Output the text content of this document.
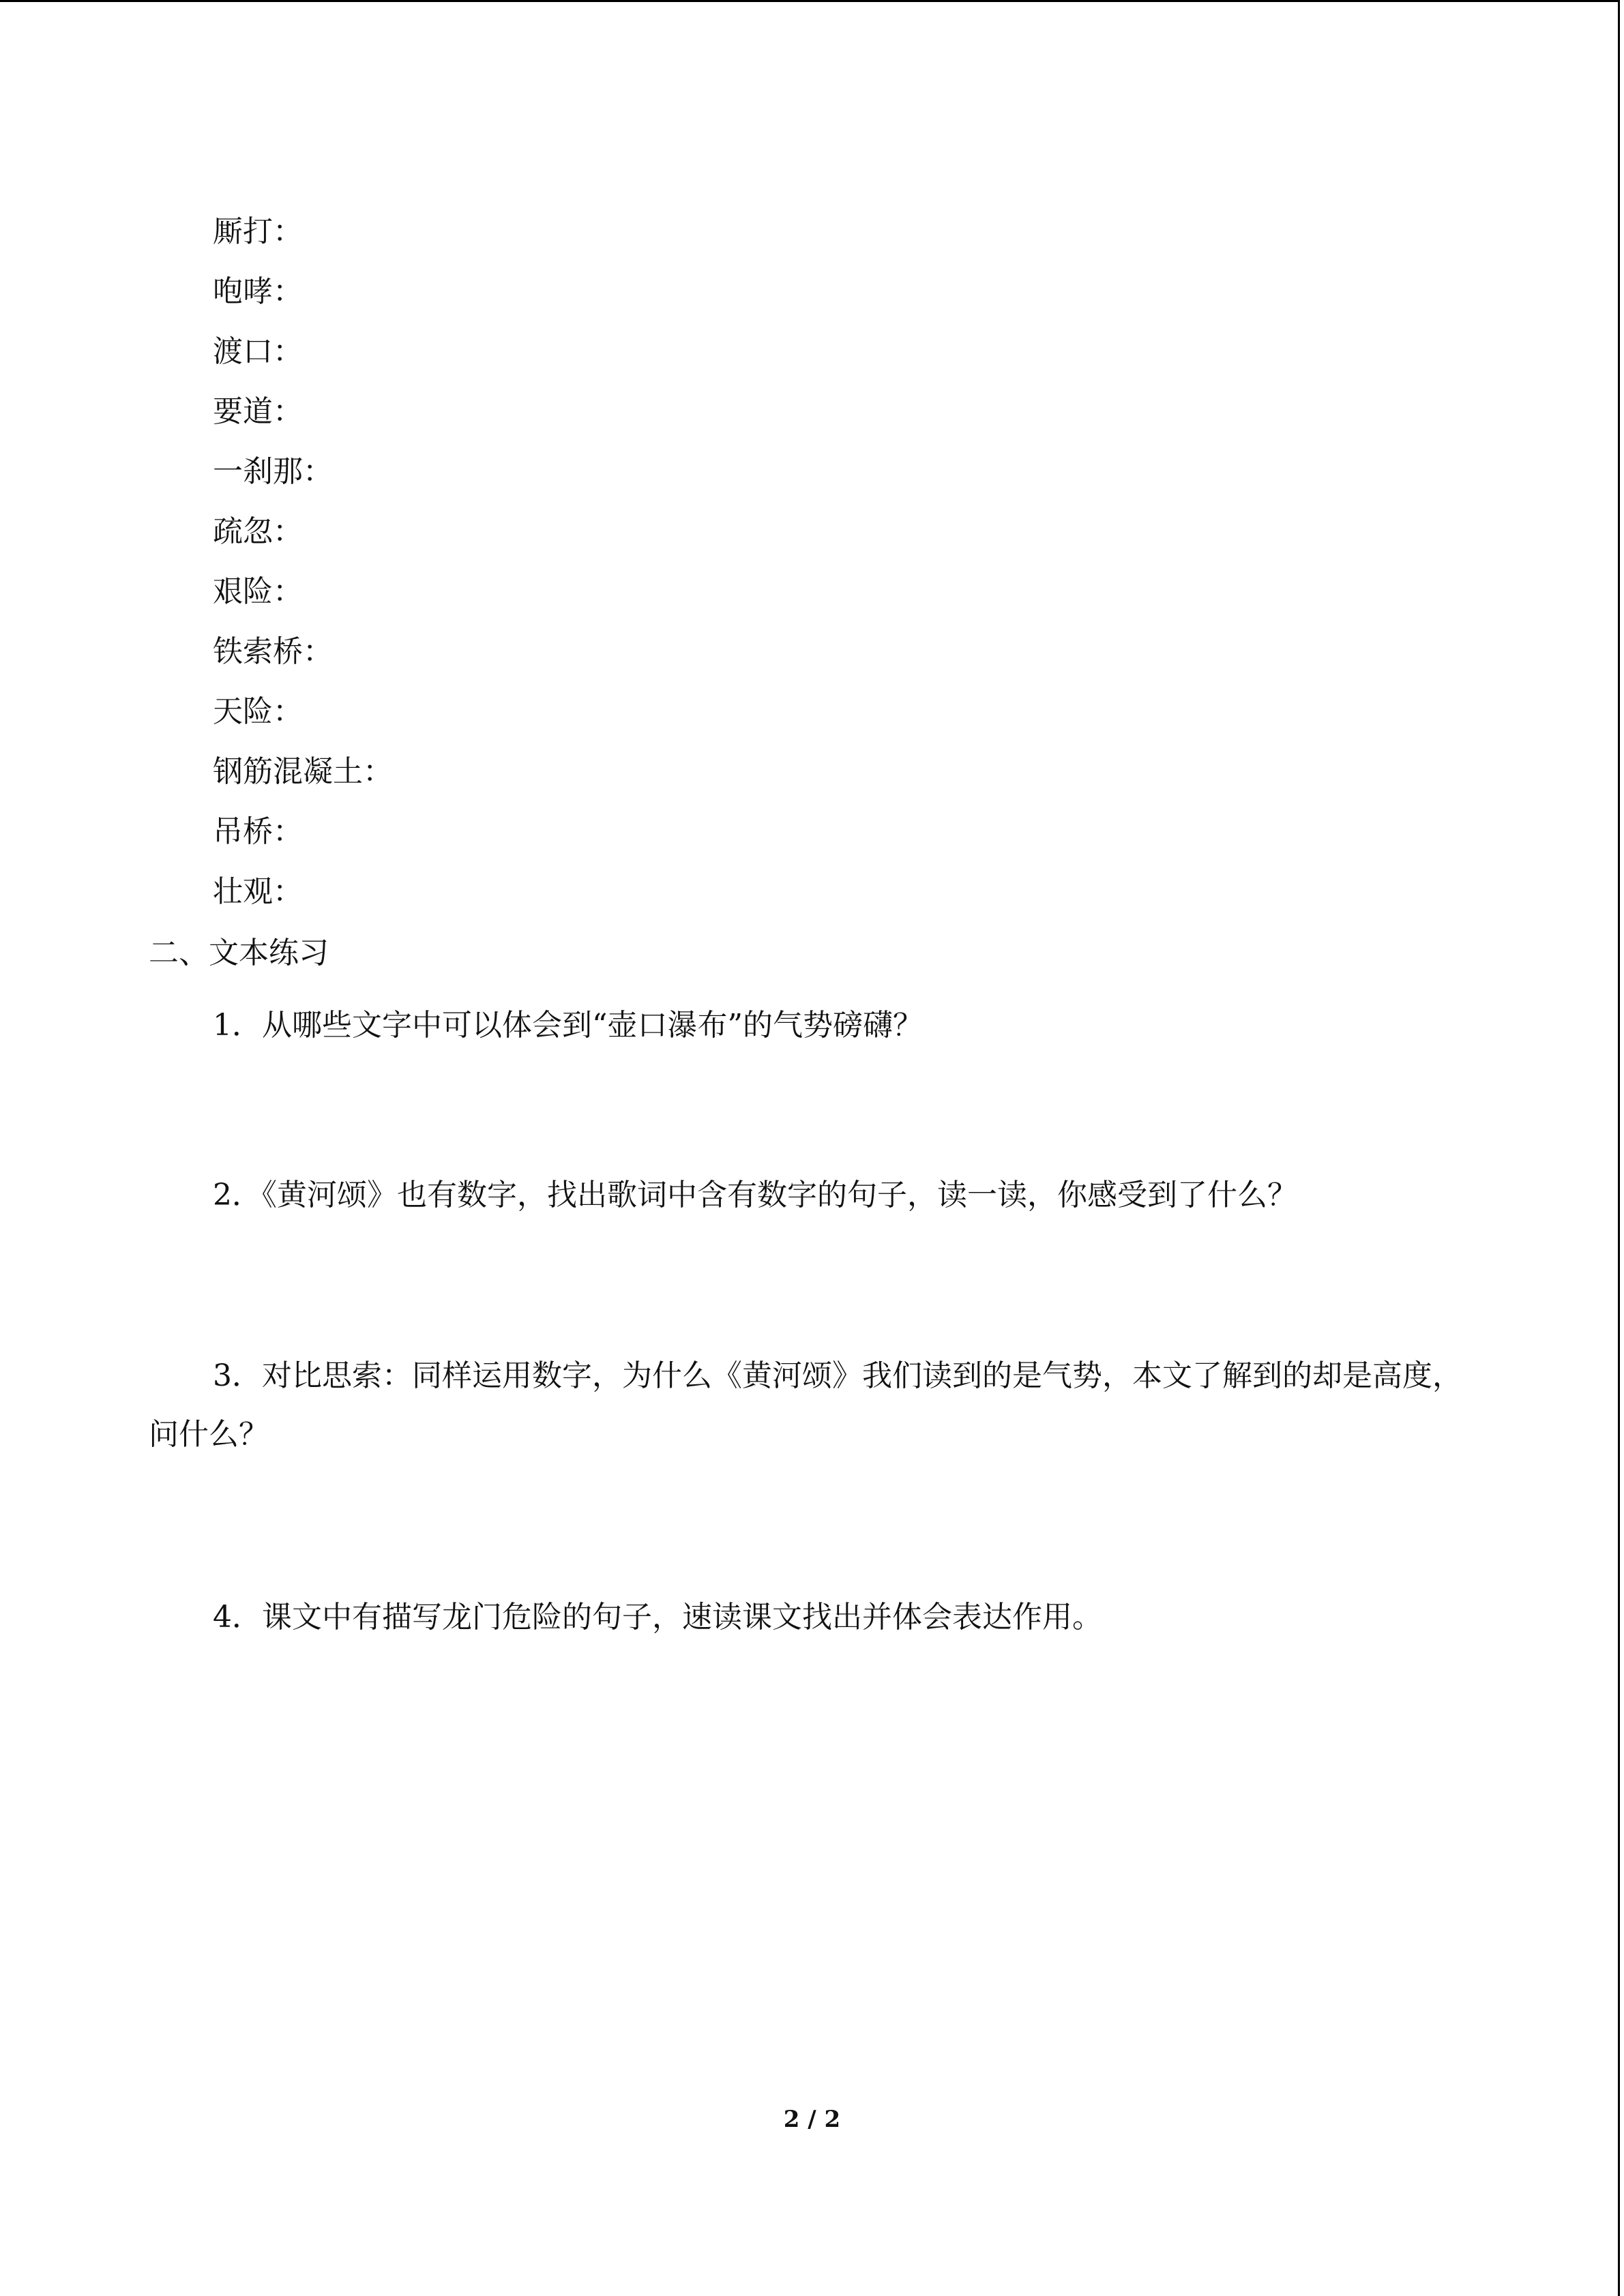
厮打：
咆哮：
渡口：
要道：
一刹那：
疏忽：
艰险：
铁索桥：
天险：
钢筋混凝土：
吊桥：
壮观：
二、文本练习

1．从哪些文字中可以体会到“壶口瀑布”的气势磅礴？

2．《黄河颂》也有数字，找出歌词中含有数字的句子，读一读，你感受到了什么？

3．对比思索：同样运用数字，为什么《黄河颂》我们读到的是气势，本文了解到的却是高度，问什么？

4．课文中有描写龙门危险的句子，速读课文找出并体会表达作用。

2 / 2
